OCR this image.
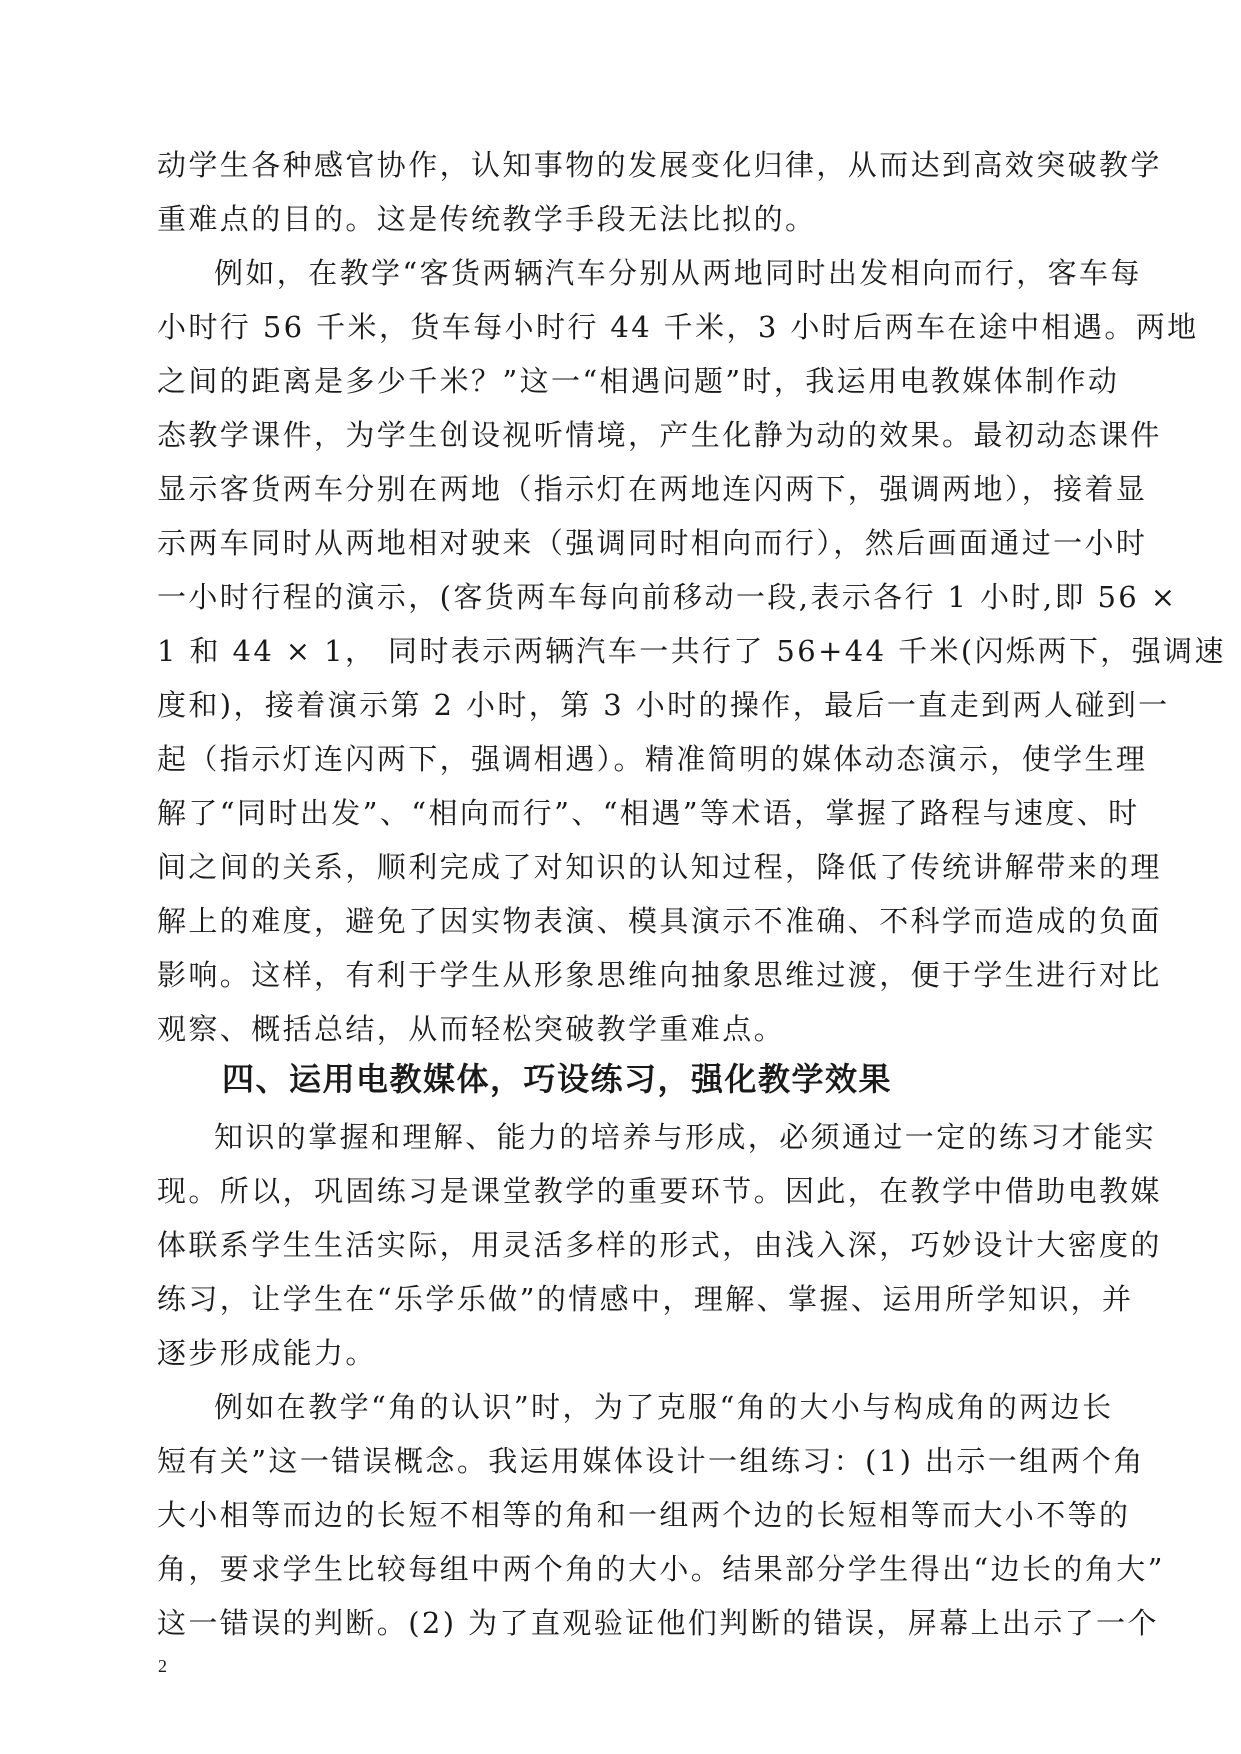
动学生各种感官协作，认知事物的发展变化归律，从而达到高效突破教学
重难点的目的。这是传统教学手段无法比拟的。
例如，在教学“客货两辆汽车分别从两地同时出发相向而行，客车每
小时行 56 千米，货车每小时行 44 千米，3 小时后两车在途中相遇。两地
之间的距离是多少千米？”这一“相遇问题”时，我运用电教媒体制作动
态教学课件，为学生创设视听情境，产生化静为动的效果。最初动态课件
显示客货两车分别在两地（指示灯在两地连闪两下，强调两地），接着显
示两车同时从两地相对驶来（强调同时相向而行），然后画面通过一小时
一小时行程的演示，(客货两车每向前移动一段,表示各行 1 小时,即 56 ×
1 和 44 × 1， 同时表示两辆汽车一共行了 56+44 千米(闪烁两下，强调速
度和)，接着演示第 2 小时，第 3 小时的操作，最后一直走到两人碰到一
起（指示灯连闪两下，强调相遇）。精准简明的媒体动态演示，使学生理
解了“同时出发”、“相向而行”、“相遇”等术语，掌握了路程与速度、时
间之间的关系，顺利完成了对知识的认知过程，降低了传统讲解带来的理
解上的难度，避免了因实物表演、模具演示不准确、不科学而造成的负面
影响。这样，有利于学生从形象思维向抽象思维过渡，便于学生进行对比
观察、概括总结，从而轻松突破教学重难点。
四、运用电教媒体，巧设练习，强化教学效果
知识的掌握和理解、能力的培养与形成，必须通过一定的练习才能实
现。所以，巩固练习是课堂教学的重要环节。因此，在教学中借助电教媒
体联系学生生活实际，用灵活多样的形式，由浅入深，巧妙设计大密度的
练习，让学生在“乐学乐做”的情感中，理解、掌握、运用所学知识，并
逐步形成能力。
例如在教学“角的认识”时，为了克服“角的大小与构成角的两边长
短有关”这一错误概念。我运用媒体设计一组练习：(1) 出示一组两个角
大小相等而边的长短不相等的角和一组两个边的长短相等而大小不等的
角，要求学生比较每组中两个角的大小。结果部分学生得出“边长的角大”
这一错误的判断。(2) 为了直观验证他们判断的错误，屏幕上出示了一个
2
